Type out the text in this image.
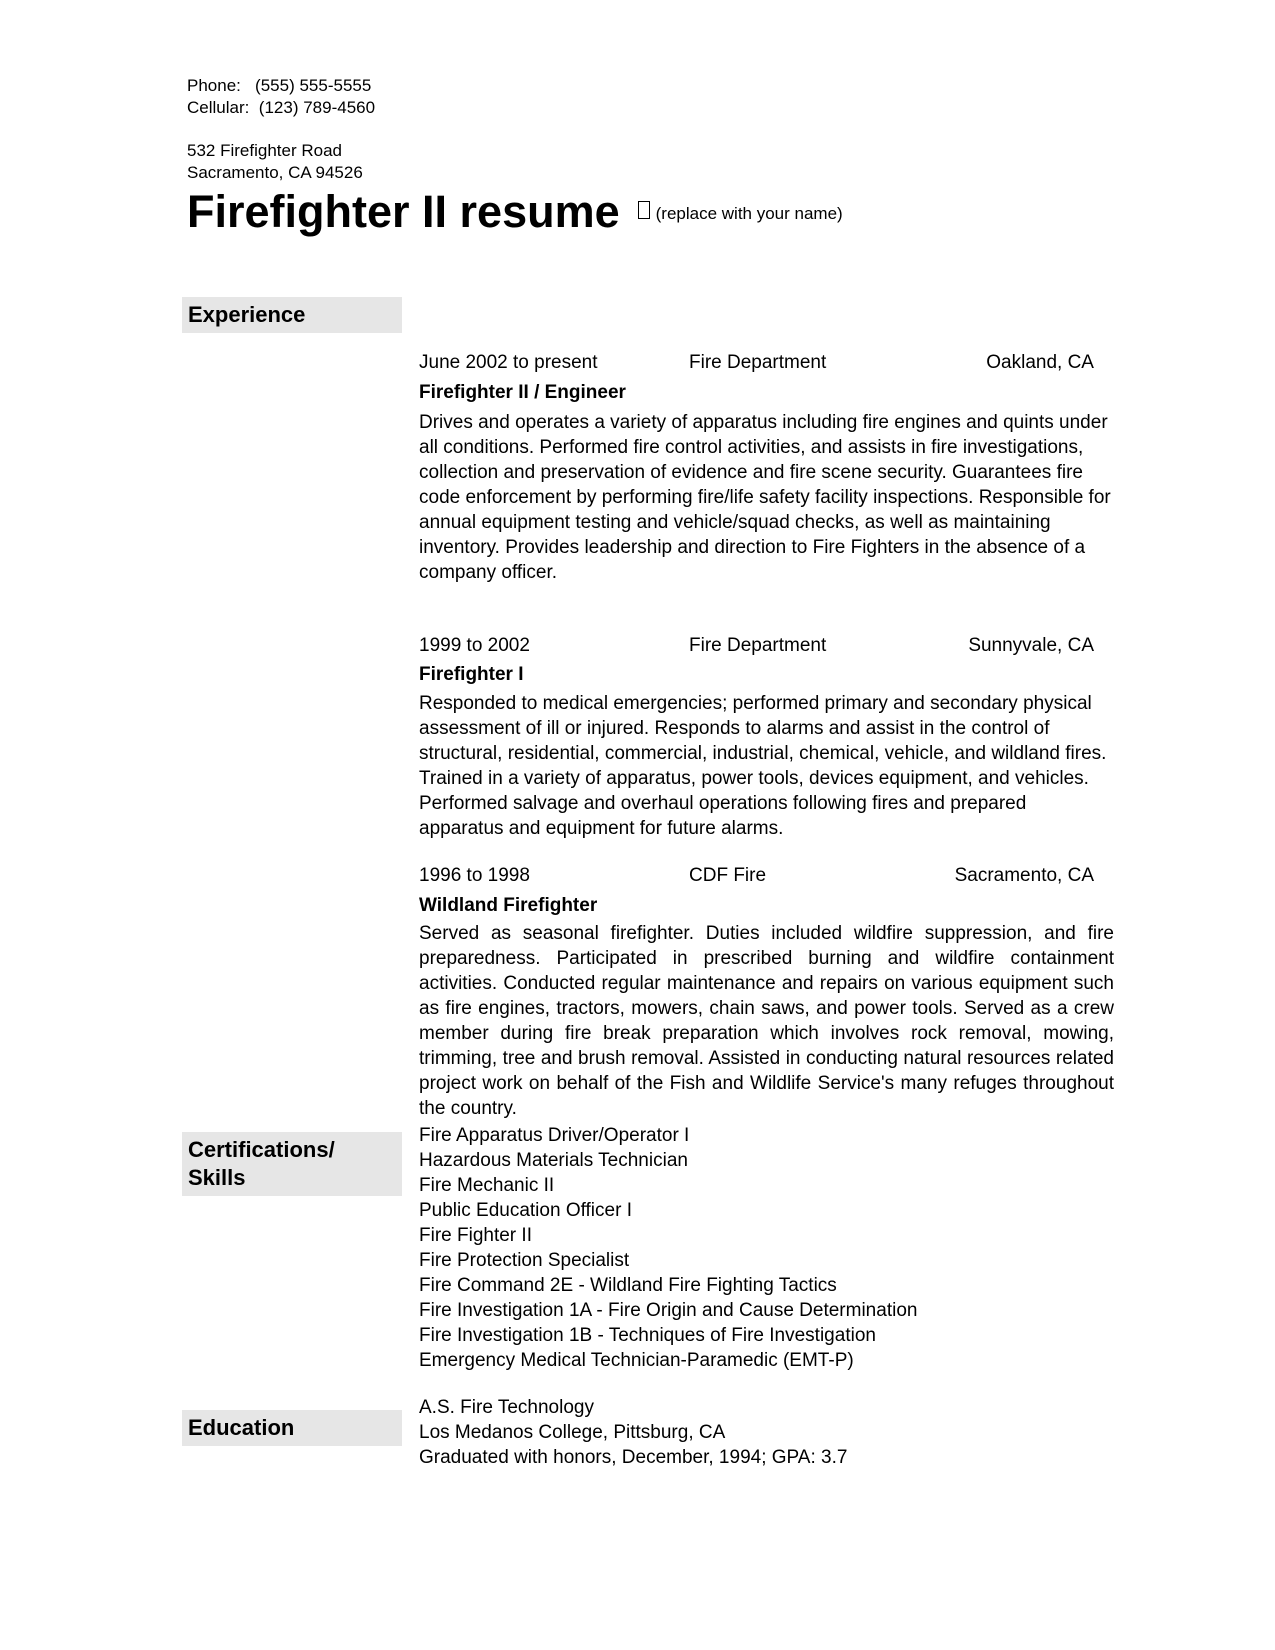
Phone:   (555) 555-5555
Cellular:  (123) 789-4560
532 Firefighter Road
Sacramento, CA 94526
Firefighter II resume (replace with your name)
Experience
June 2002 to present	Fire Department	Oakland, CA
Firefighter II / Engineer
Drives and operates a variety of apparatus including fire engines and quints under all conditions. Performed fire control activities, and assists in fire investigations, collection and preservation of evidence and fire scene security. Guarantees fire code enforcement by performing fire/life safety facility inspections. Responsible for annual equipment testing and vehicle/squad checks, as well as maintaining inventory. Provides leadership and direction to Fire Fighters in the absence of a company officer.
1999 to 2002	Fire Department	Sunnyvale, CA
Firefighter I
Responded to medical emergencies; performed primary and secondary physical assessment of ill or injured. Responds to alarms and assist in the control of structural, residential, commercial, industrial, chemical, vehicle, and wildland fires. Trained in a variety of apparatus, power tools, devices equipment, and vehicles. Performed salvage and overhaul operations following fires and prepared apparatus and equipment for future alarms.
1996 to 1998	CDF Fire	Sacramento, CA
Wildland Firefighter
Served as seasonal firefighter. Duties included wildfire suppression, and fire preparedness. Participated in prescribed burning and wildfire containment activities. Conducted regular maintenance and repairs on various equipment such as fire engines, tractors, mowers, chain saws, and power tools. Served as a crew member during fire break preparation which involves rock removal, mowing, trimming, tree and brush removal. Assisted in conducting natural resources related project work on behalf of the Fish and Wildlife Service's many refuges throughout the country.
Certifications/
Skills
Fire Apparatus Driver/Operator I
Hazardous Materials Technician
Fire Mechanic II
Public Education Officer I
Fire Fighter II
Fire Protection Specialist
Fire Command 2E - Wildland Fire Fighting Tactics
Fire Investigation 1A - Fire Origin and Cause Determination
Fire Investigation 1B - Techniques of Fire Investigation
Emergency Medical Technician-Paramedic (EMT-P)
Education
A.S. Fire Technology
Los Medanos College, Pittsburg, CA
Graduated with honors, December, 1994; GPA: 3.7
